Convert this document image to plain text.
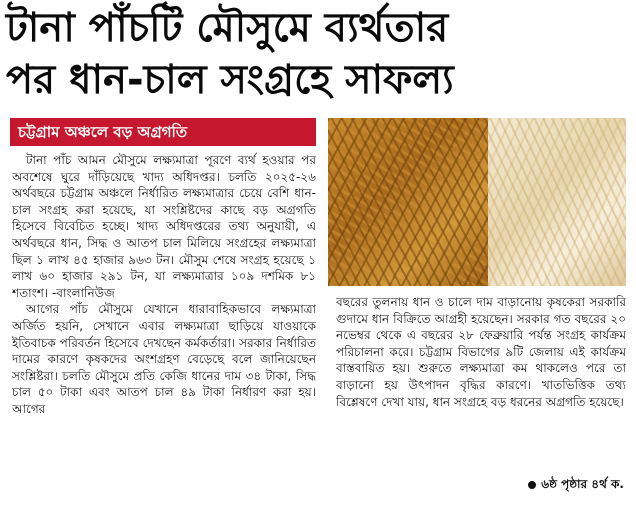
টানা পাঁচটি মৌসুমে ব্যর্থতার
পর ধান-চাল সংগ্রহে সাফল্য
চট্টগ্রাম অঞ্চলে বড় অগ্রগতি

টানা পাঁচ আমন মৌসুমে লক্ষ্যমাত্রা পূরণে ব্যর্থ হওয়ার পর অবশেষে ঘুরে দাঁড়িয়েছে খাদ্য অধিদপ্তর। চলতি ২০২৫-২৬ অর্থবছরে চট্টগ্রাম অঞ্চলে নির্ধারিত লক্ষ্যমাত্রার চেয়ে বেশি ধান-চাল সংগ্রহ করা হয়েছে, যা সংশ্লিষ্টদের কাছে বড় অগ্রগতি হিসেবে বিবেচিত হচ্ছে। খাদ্য অধিদপ্তরের তথ্য অনুযায়ী, এ অর্থবছরে ধান, সিদ্ধ ও আতপ চাল মিলিয়ে সংগ্রহের লক্ষ্যমাত্রা ছিল ১ লাখ ৪৫ হাজার ৯৬৩ টন। মৌসুম শেষে সংগ্রহ হয়েছে ১ লাখ ৬০ হাজার ২৯১ টন, যা লক্ষ্যমাত্রার ১০৯ দশমিক ৮১ শতাংশ। -বাংলানিউজ

আগের পাঁচ মৌসুমে যেখানে ধারাবাহিকভাবে লক্ষ্যমাত্রা অর্জিত হয়নি, সেখানে এবার লক্ষ্যমাত্রা ছাড়িয়ে যাওয়াকে ইতিবাচক পরিবর্তন হিসেবে দেখছেন কর্মকর্তারা। সরকার নির্ধারিত দামের কারণে কৃষকদের অংশগ্রহণ বেড়েছে বলে জানিয়েছেন সংশ্লিষ্টরা। চলতি মৌসুমে প্রতি কেজি ধানের দাম ৩৪ টাকা, সিদ্ধ চাল ৫০ টাকা এবং আতপ চাল ৪৯ টাকা নির্ধারণ করা হয়। আগের

বছরের তুলনায় ধান ও চালে দাম বাড়ানোয় কৃষকেরা সরকারি গুদামে ধান বিক্রিতে আগ্রহী হয়েছেন। সরকার গত বছরের ২০ নভেম্বর থেকে এ বছরের ২৮ ফেব্রুয়ারি পর্যন্ত সংগ্রহ কার্যক্রম পরিচালনা করে। চট্টগ্রাম বিভাগের ৯টি জেলায় এই কার্যক্রম বাস্তবায়িত হয়। শুরুতে লক্ষ্যমাত্রা কম থাকলেও পরে তা বাড়ানো হয় উৎপাদন বৃদ্ধির কারণে। খাতভিত্তিক তথ্য বিশ্লেষণে দেখা যায়, ধান সংগ্রহে বড় ধরনের অগ্রগতি হয়েছে।

৬ষ্ঠ পৃষ্ঠার ৪র্থ ক.
